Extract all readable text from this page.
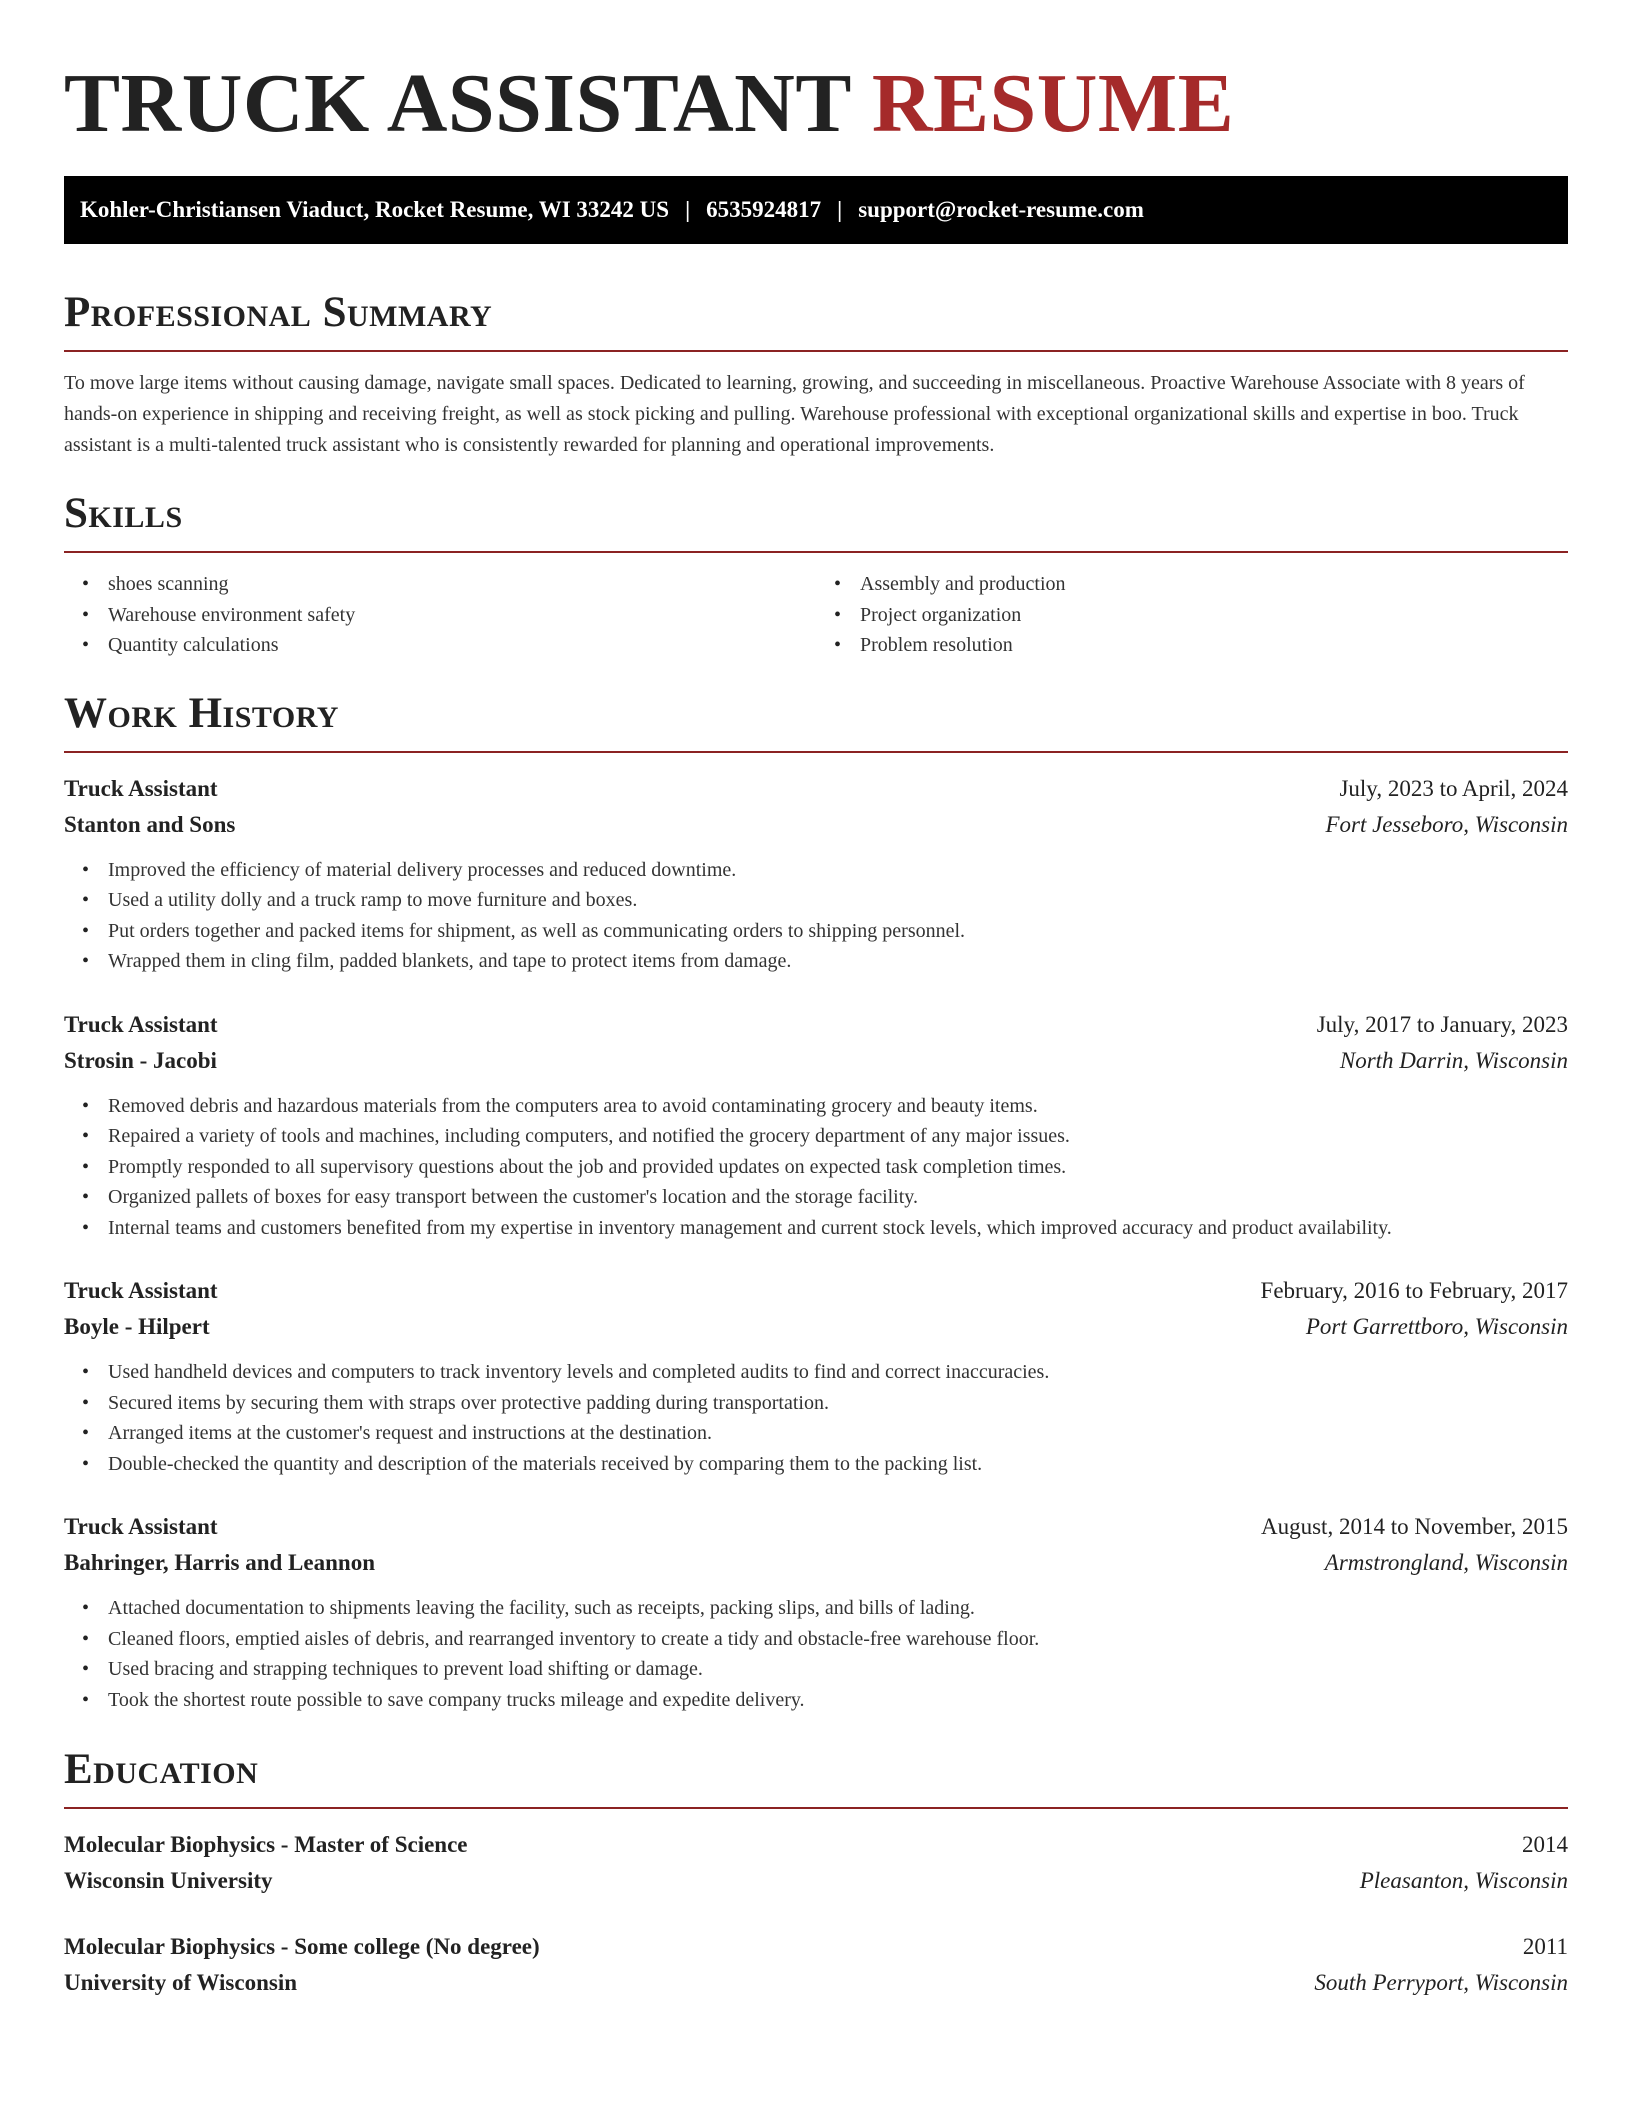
TRUCK ASSISTANT RESUME
Kohler-Christiansen Viaduct, Rocket Resume, WI 33242 US | 6535924817 | support@rocket-resume.com
Professional Summary

To move large items without causing damage, navigate small spaces. Dedicated to learning, growing, and succeeding in miscellaneous. Proactive Warehouse Associate with 8 years of hands-on experience in shipping and receiving freight, as well as stock picking and pulling. Warehouse professional with exceptional organizational skills and expertise in boo. Truck assistant is a multi-talented truck assistant who is consistently rewarded for planning and operational improvements.

Skills
• shoes scanning
• Warehouse environment safety
• Quantity calculations
• Assembly and production
• Project organization
• Problem resolution
Work History
Truck Assistant	July, 2023 to April, 2024
Stanton and Sons	Fort Jesseboro, Wisconsin
• Improved the efficiency of material delivery processes and reduced downtime.
• Used a utility dolly and a truck ramp to move furniture and boxes.
• Put orders together and packed items for shipment, as well as communicating orders to shipping personnel.
• Wrapped them in cling film, padded blankets, and tape to protect items from damage.
Truck Assistant	July, 2017 to January, 2023
Strosin - Jacobi	North Darrin, Wisconsin
• Removed debris and hazardous materials from the computers area to avoid contaminating grocery and beauty items.
• Repaired a variety of tools and machines, including computers, and notified the grocery department of any major issues.
• Promptly responded to all supervisory questions about the job and provided updates on expected task completion times.
• Organized pallets of boxes for easy transport between the customer's location and the storage facility.
• Internal teams and customers benefited from my expertise in inventory management and current stock levels, which improved accuracy and product availability.
Truck Assistant	February, 2016 to February, 2017
Boyle - Hilpert	Port Garrettboro, Wisconsin
• Used handheld devices and computers to track inventory levels and completed audits to find and correct inaccuracies.
• Secured items by securing them with straps over protective padding during transportation.
• Arranged items at the customer's request and instructions at the destination.
• Double-checked the quantity and description of the materials received by comparing them to the packing list.
Truck Assistant	August, 2014 to November, 2015
Bahringer, Harris and Leannon	Armstrongland, Wisconsin
• Attached documentation to shipments leaving the facility, such as receipts, packing slips, and bills of lading.
• Cleaned floors, emptied aisles of debris, and rearranged inventory to create a tidy and obstacle-free warehouse floor.
• Used bracing and strapping techniques to prevent load shifting or damage.
• Took the shortest route possible to save company trucks mileage and expedite delivery.
Education
Molecular Biophysics - Master of Science	2014
Wisconsin University	Pleasanton, Wisconsin
Molecular Biophysics - Some college (No degree)	2011
University of Wisconsin	South Perryport, Wisconsin
